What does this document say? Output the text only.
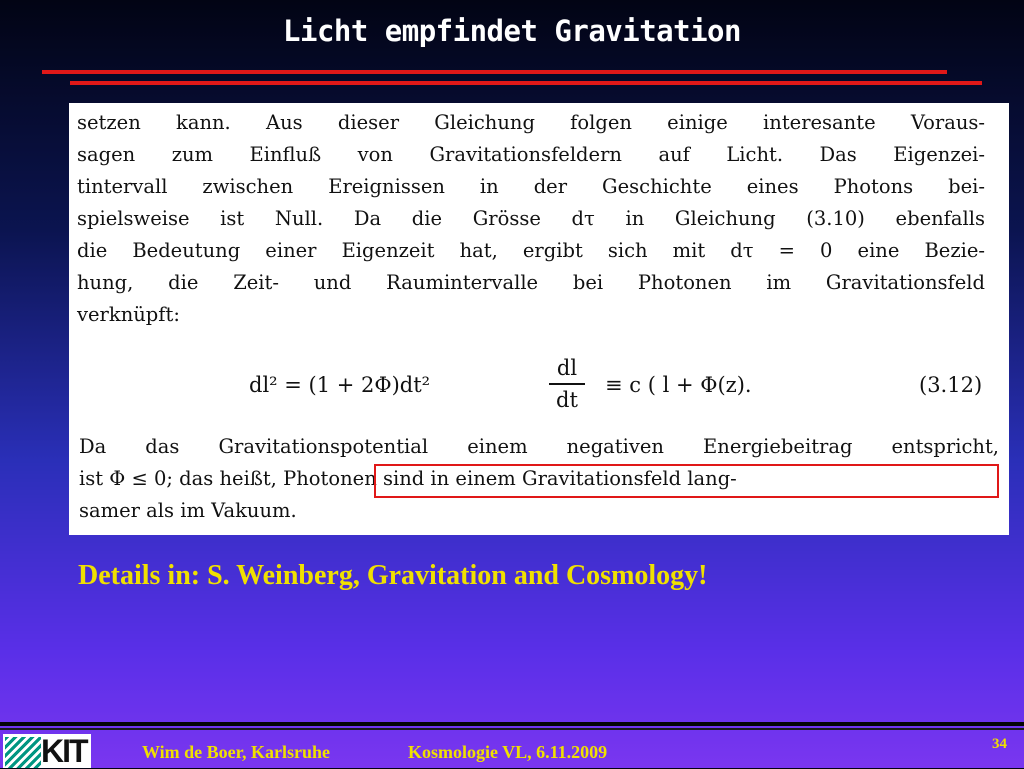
Licht empfindet Gravitation
setzen kann. Aus dieser Gleichung folgen einige interesante Voraus-
sagen zum Einfluß von Gravitationsfeldern auf Licht. Das Eigenzei-
tintervall zwischen Ereignissen in der Geschichte eines Photons bei-
spielsweise ist Null. Da die Grösse dτ in Gleichung (3.10) ebenfalls
die Bedeutung einer Eigenzeit hat, ergibt sich mit dτ = 0 eine Bezie-
hung, die Zeit- und Raumintervalle bei Photonen im Gravitationsfeld
verknüpft:
dl² = (1 + 2Φ)dt²
dl
dt
≡ c ( l + Φ(z).	(3.12)
Da das Gravitationspotential einem negativen Energiebeitrag entspricht,
ist Φ ≤ 0; das heißt, Photonen sind in einem Gravitationsfeld lang-
samer als im Vakuum.
Details in: S. Weinberg, Gravitation and Cosmology!
KIT	Wim de Boer, Karlsruhe	Kosmologie VL, 6.11.2009	34
